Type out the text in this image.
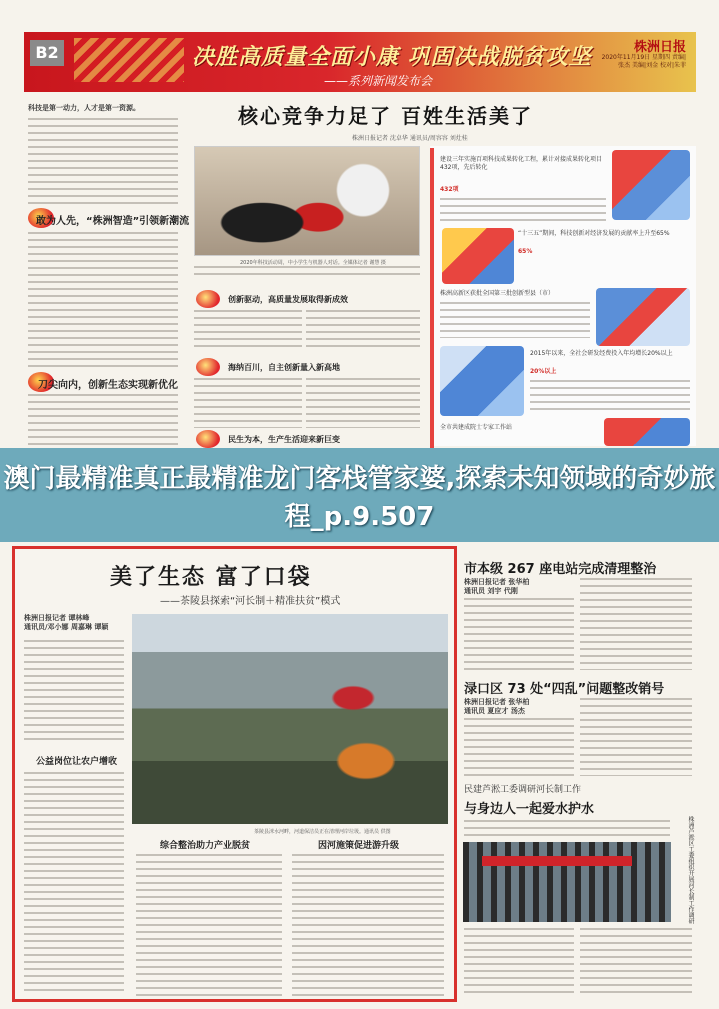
B2	决胜高质量全面小康 巩固决战脱贫攻坚
——系列新闻发布会
株洲日报
2020年11月19日 星期四 责编|张杰 美编|刘金 校对|朱菲
科技是第一动力，人才是第一资源。
敢为人先，“株洲智造”引领新潮流
刀尖向内，创新生态实现新优化
核心竞争力足了 百姓生活美了
株洲日报记者 沈卓华 通讯员/周容容 刘灶桂
2020年科技活动周，中小学生与机器人对话。全媒体记者 谢慧 摄
创新驱动，高质量发展取得新成效
海纳百川，自主创新量入新高地
民生为本，生产生活迎来新巨变
建设三年实施百项科技成果转化工程，累计对接成果转化项目432项，先后转化
432项
“十三五”期间，科技创新对经济发展的贡献率上升至65%
65%
株洲高新区获批全国第三批创新型县（市）
2015年以来，全社会研发经费投入年均增长20%以上
20%以上
全市共建成院士专家工作站
澳门最精准真正最精准龙门客栈管家婆,探索未知领域的奇妙旅程_p.9.507
美了生态 富了口袋
——茶陵县探索“河长制＋精准扶贫”模式
株洲日报记者 谭林峰
通讯员/邓小娜 周嘉琳 谭颖
公益岗位让农户增收
茶陵县洣水河畔，河道保洁员正在清理河岸垃圾。通讯员 供图
综合整治助力产业脱贫	因河施策促进游升级
市本级 267 座电站完成清理整治
株洲日报记者 张华柏
通讯员 刘宇 代刚
渌口区 73 处“四乱”问题整改销号
株洲日报记者 张华柏
通讯员 夏应才 汤杰
民建芦淞工委调研河长制工作
与身边人一起爱水护水
株洲芦淞区工委组织开展河长制工作调研
